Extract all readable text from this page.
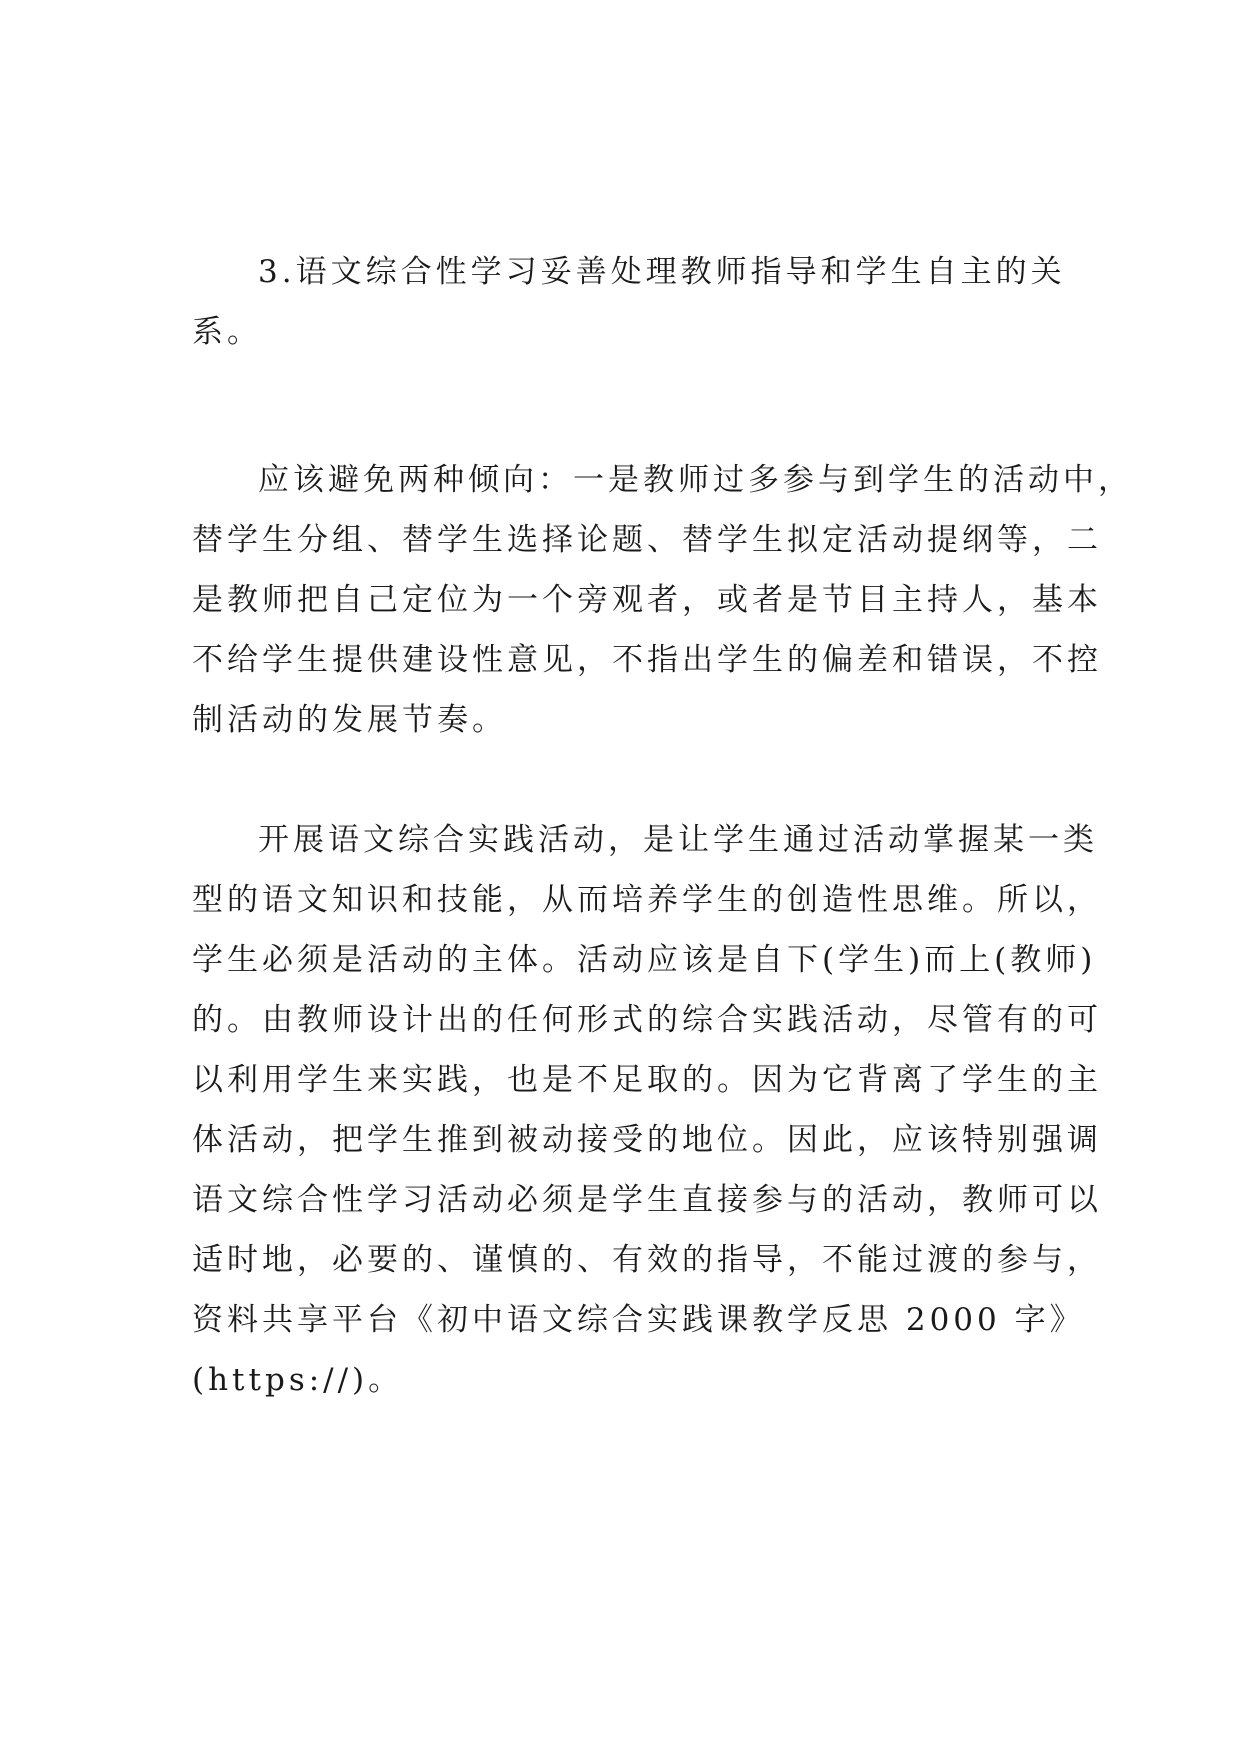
3.语文综合性学习妥善处理教师指导和学生自主的关
系。

应该避免两种倾向：一是教师过多参与到学生的活动中，
替学生分组、替学生选择论题、替学生拟定活动提纲等，二
是教师把自己定位为一个旁观者，或者是节目主持人，基本
不给学生提供建设性意见，不指出学生的偏差和错误，不控
制活动的发展节奏。

开展语文综合实践活动，是让学生通过活动掌握某一类
型的语文知识和技能，从而培养学生的创造性思维。所以，
学生必须是活动的主体。活动应该是自下(学生)而上(教师)
的。由教师设计出的任何形式的综合实践活动，尽管有的可
以利用学生来实践，也是不足取的。因为它背离了学生的主
体活动，把学生推到被动接受的地位。因此，应该特别强调
语文综合性学习活动必须是学生直接参与的活动，教师可以
适时地，必要的、谨慎的、有效的指导，不能过渡的参与，
资料共享平台《初中语文综合实践课教学反思 2000 字》
(https://)。
